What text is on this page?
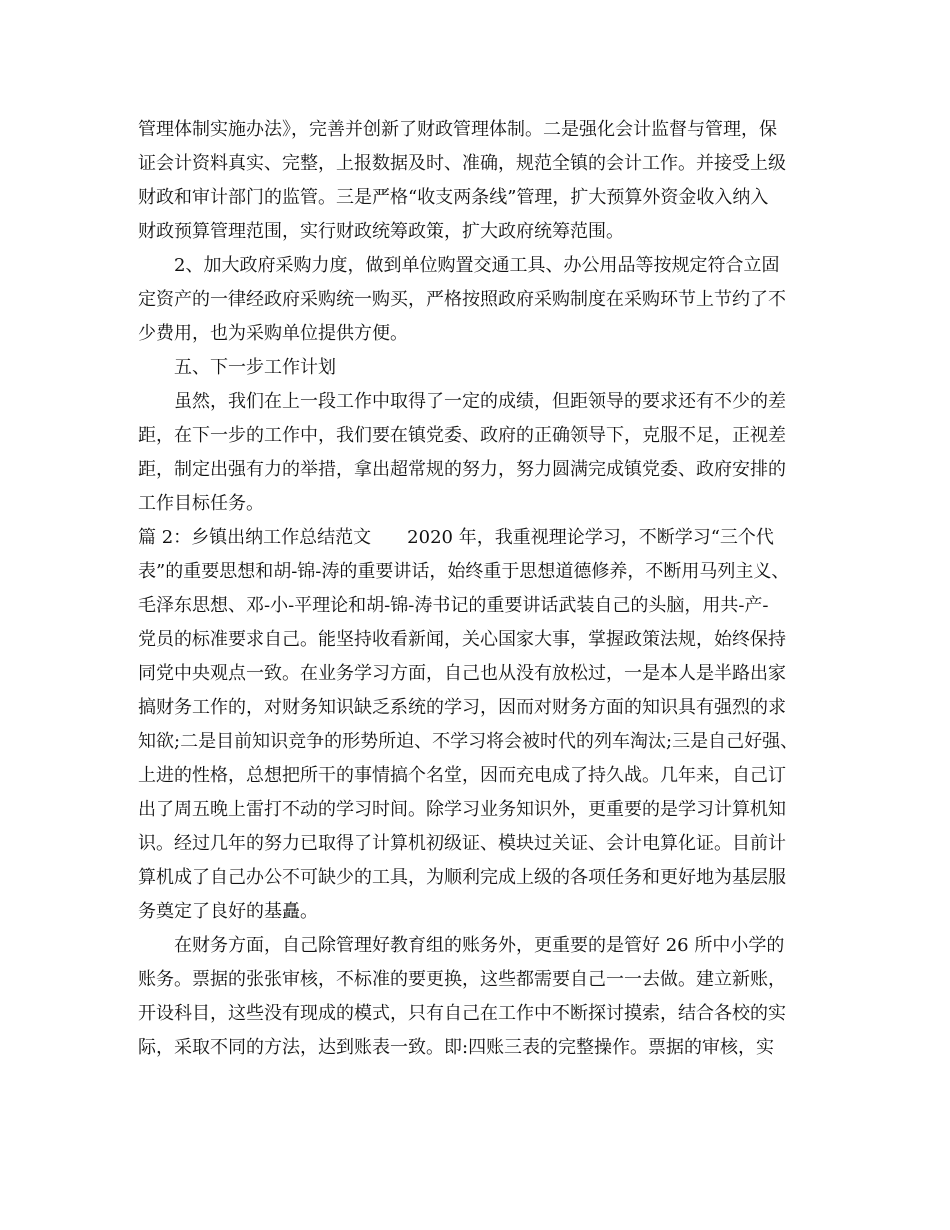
管理体制实施办法》，完善并创新了财政管理体制。二是强化会计监督与管理，保
证会计资料真实、完整，上报数据及时、准确，规范全镇的会计工作。并接受上级
财政和审计部门的监管。三是严格“收支两条线”管理，扩大预算外资金收入纳入
财政预算管理范围，实行财政统筹政策，扩大政府统筹范围。
2、加大政府采购力度，做到单位购置交通工具、办公用品等按规定符合立固
定资产的一律经政府采购统一购买，严格按照政府采购制度在采购环节上节约了不
少费用，也为采购单位提供方便。
五、下一步工作计划
虽然，我们在上一段工作中取得了一定的成绩，但距领导的要求还有不少的差
距，在下一步的工作中，我们要在镇党委、政府的正确领导下，克服不足，正视差
距，制定出强有力的举措，拿出超常规的努力，努力圆满完成镇党委、政府安排的
工作目标任务。
篇 2：乡镇出纳工作总结范文　　2020 年，我重视理论学习，不断学习“三个代
表”的重要思想和胡-锦-涛的重要讲话，始终重于思想道德修养，不断用马列主义、
毛泽东思想、邓-小-平理论和胡-锦-涛书记的重要讲话武装自己的头脑，用共-产-
党员的标准要求自己。能坚持收看新闻，关心国家大事，掌握政策法规，始终保持
同党中央观点一致。在业务学习方面，自己也从没有放松过，一是本人是半路出家
搞财务工作的，对财务知识缺乏系统的学习，因而对财务方面的知识具有强烈的求
知欲;二是目前知识竞争的形势所迫、不学习将会被时代的列车淘汰;三是自己好强、
上进的性格，总想把所干的事情搞个名堂，因而充电成了持久战。几年来，自己订
出了周五晚上雷打不动的学习时间。除学习业务知识外，更重要的是学习计算机知
识。经过几年的努力已取得了计算机初级证、模块过关证、会计电算化证。目前计
算机成了自己办公不可缺少的工具，为顺利完成上级的各项任务和更好地为基层服
务奠定了良好的基矗。
在财务方面，自己除管理好教育组的账务外，更重要的是管好 26 所中小学的
账务。票据的张张审核，不标准的要更换，这些都需要自己一一去做。建立新账，
开设科目，这些没有现成的模式，只有自己在工作中不断探讨摸索，结合各校的实
际，采取不同的方法，达到账表一致。即:四账三表的完整操作。票据的审核，实
